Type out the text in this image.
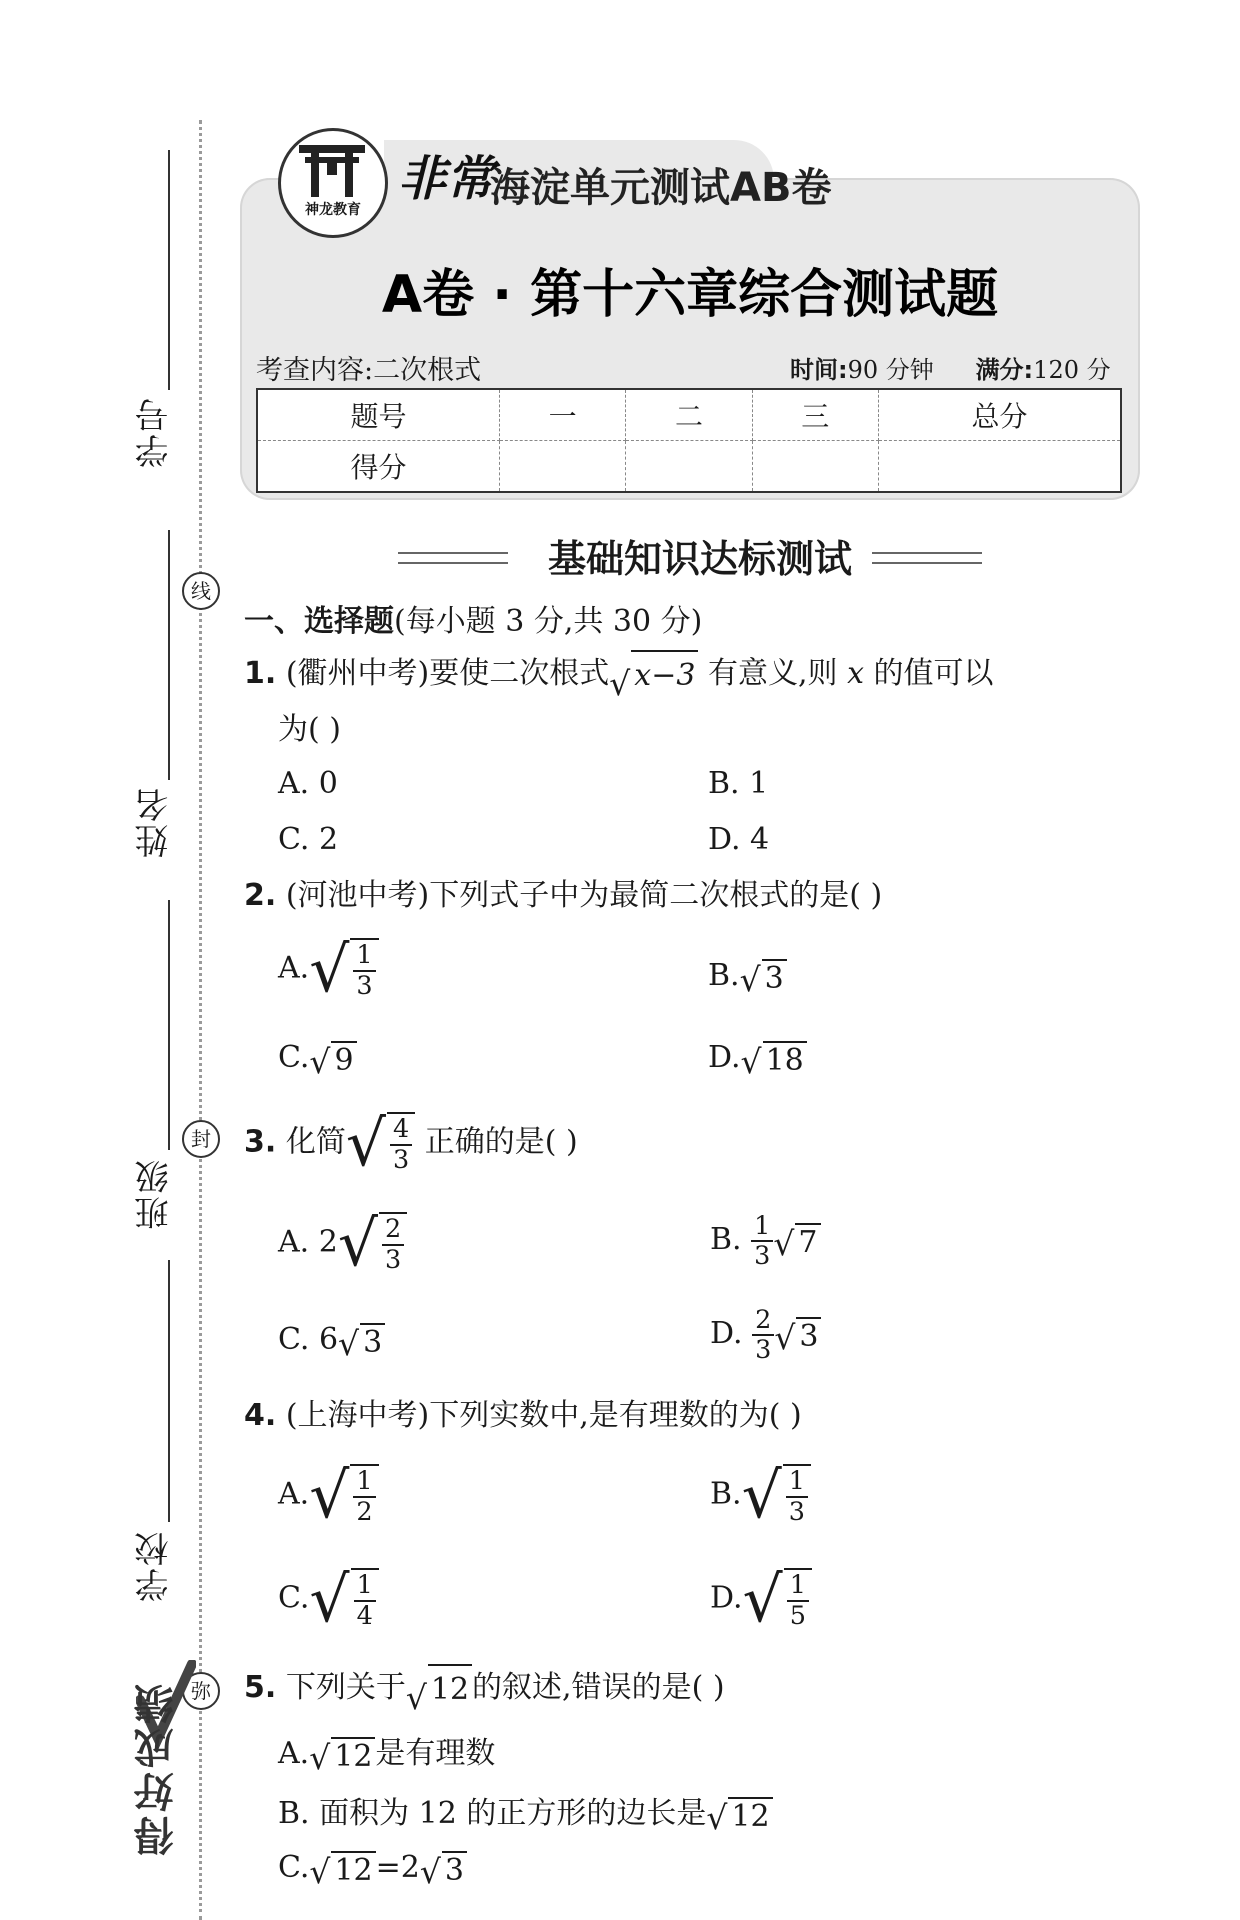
学号
姓名
班级
学校
线
封
弥
得好成绩
神龙教育
非常
海淀单元测试AB卷
A卷 · 第十六章综合测试题
考查内容:二次根式	时间:90 分钟 满分:120 分
题号	一	二	三	总分
得分				
基础知识达标测试
一、选择题(每小题 3 分,共 30 分)
1. (衢州中考)要使二次根式 √ x−3 有意义,则 x 的值可以
为( )
A. 0	B. 1
C. 2	D. 4
2. (河池中考)下列式子中为最简二次根式的是( )
A. √ $\frac{1}{3}$	B. √ 3
C. √ 9	D. √ 18
3. 化简 √ $\frac{4}{3}$ 正确的是( )
A. 2 √ $\frac{2}{3}$	B. $\frac{1}{3}$ √ 7
C. 6 √ 3	D. $\frac{2}{3}$ √ 3
4. (上海中考)下列实数中,是有理数的为( )
A. √ $\frac{1}{2}$	B. √ $\frac{1}{3}$
C. √ $\frac{1}{4}$	D. √ $\frac{1}{5}$
5. 下列关于 √ 12 的叙述,错误的是( )
A. √ 12 是有理数
B. 面积为 12 的正方形的边长是 √ 12
C. √ 12 =2 √ 3
